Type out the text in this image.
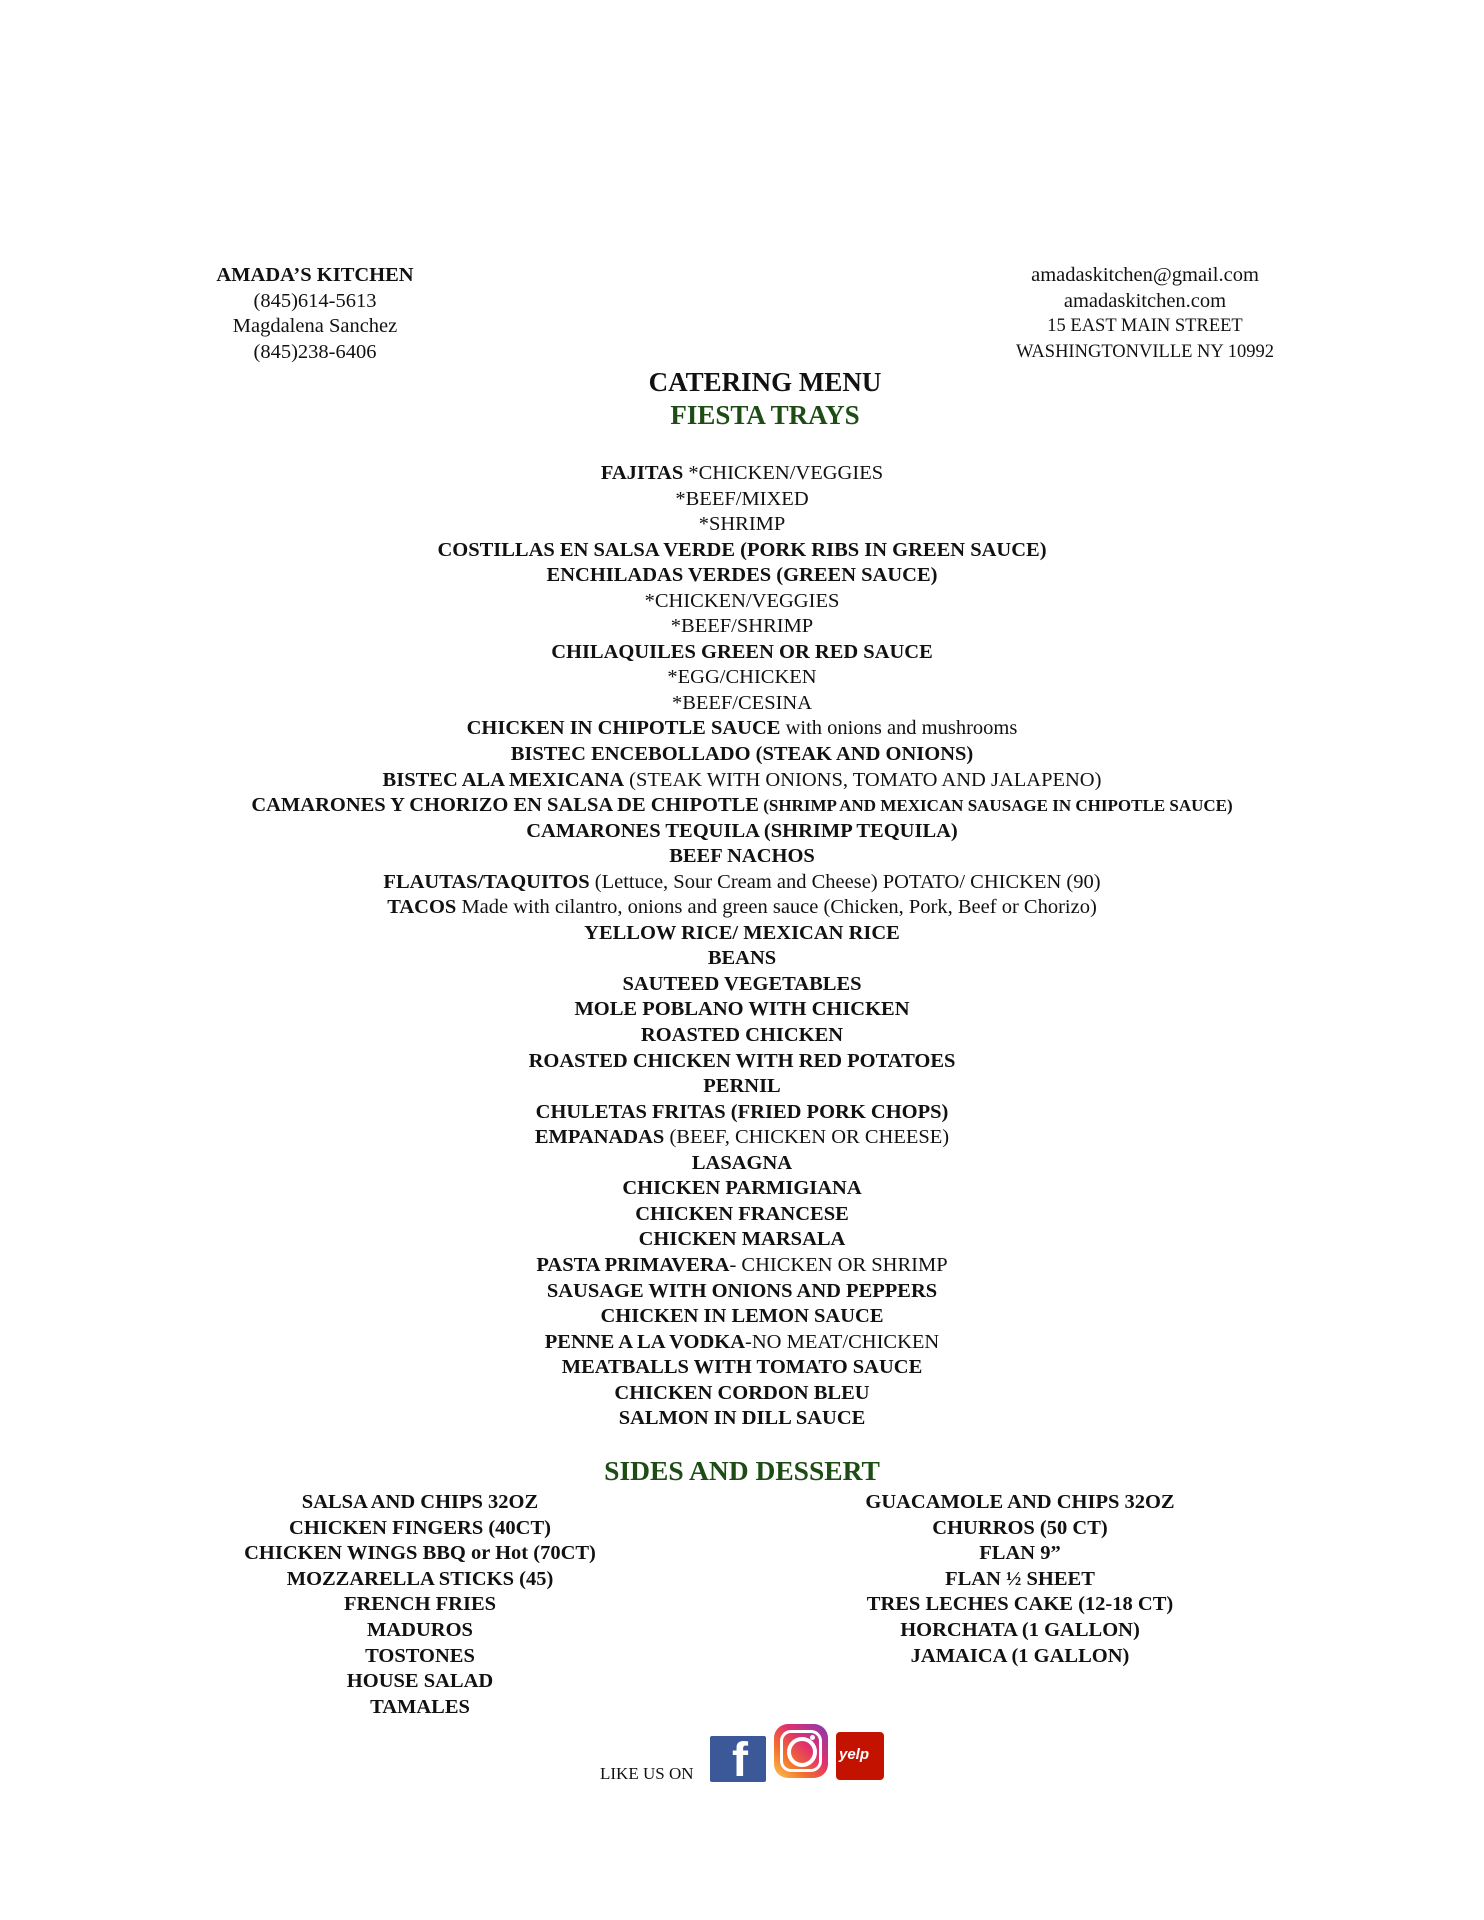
AMADA’S KITCHEN
(845)614-5613
Magdalena Sanchez
(845)238-6406
amadaskitchen@gmail.com
amadaskitchen.com
15 EAST MAIN STREET
WASHINGTONVILLE NY 10992
CATERING MENU
FIESTA TRAYS
FAJITAS *CHICKEN/VEGGIES
*BEEF/MIXED
*SHRIMP
COSTILLAS EN SALSA VERDE (PORK RIBS IN GREEN SAUCE)
ENCHILADAS VERDES (GREEN SAUCE)
*CHICKEN/VEGGIES
*BEEF/SHRIMP
CHILAQUILES GREEN OR RED SAUCE
*EGG/CHICKEN
*BEEF/CESINA
CHICKEN IN CHIPOTLE SAUCE with onions and mushrooms
BISTEC ENCEBOLLADO (STEAK AND ONIONS)
BISTEC ALA MEXICANA (STEAK WITH ONIONS, TOMATO AND JALAPENO)
CAMARONES Y CHORIZO EN SALSA DE CHIPOTLE (SHRIMP AND MEXICAN SAUSAGE IN CHIPOTLE SAUCE)
CAMARONES TEQUILA (SHRIMP TEQUILA)
BEEF NACHOS
FLAUTAS/TAQUITOS (Lettuce, Sour Cream and Cheese) POTATO/ CHICKEN (90)
TACOS Made with cilantro, onions and green sauce (Chicken, Pork, Beef or Chorizo)
YELLOW RICE/ MEXICAN RICE
BEANS
SAUTEED VEGETABLES
MOLE POBLANO WITH CHICKEN
ROASTED CHICKEN
ROASTED CHICKEN WITH RED POTATOES
PERNIL
CHULETAS FRITAS (FRIED PORK CHOPS)
EMPANADAS (BEEF, CHICKEN OR CHEESE)
LASAGNA
CHICKEN PARMIGIANA
CHICKEN FRANCESE
CHICKEN MARSALA
PASTA PRIMAVERA- CHICKEN OR SHRIMP
SAUSAGE WITH ONIONS AND PEPPERS
CHICKEN IN LEMON SAUCE
PENNE A LA VODKA-NO MEAT/CHICKEN
MEATBALLS WITH TOMATO SAUCE
CHICKEN CORDON BLEU
SALMON IN DILL SAUCE
SIDES AND DESSERT
SALSA AND CHIPS 32OZ
CHICKEN FINGERS (40CT)
CHICKEN WINGS BBQ or Hot (70CT)
MOZZARELLA STICKS (45)
FRENCH FRIES
MADUROS
TOSTONES
HOUSE SALAD
TAMALES
GUACAMOLE AND CHIPS 32OZ
CHURROS (50 CT)
FLAN 9”
FLAN ½ SHEET
TRES LECHES CAKE (12-18 CT)
HORCHATA (1 GALLON)
JAMAICA (1 GALLON)
LIKE US ON f	yelp
